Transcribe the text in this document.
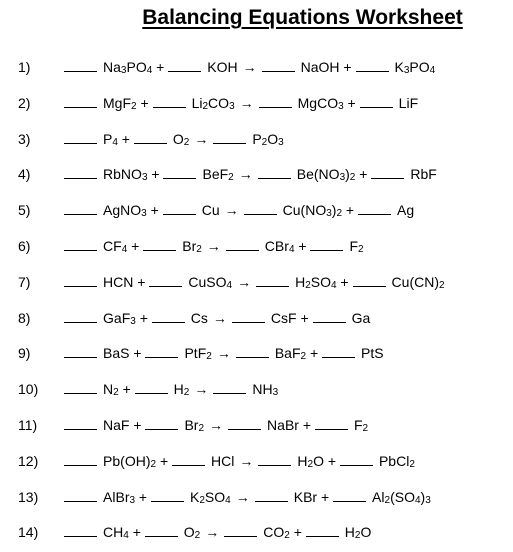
Balancing Equations Worksheet
1)	$Na_3PO_4$ +	KOH →	NaOH +	$K_3PO_4$
2)	MgF$_2$ +	$Li_2CO_3$ →	MgCO$_3$ +	LiF
3)	$P_4$ +	$O_2$ →	$P_2O_3$
4)	RbNO$_3$ +	BeF$_2$ →	$Be(NO_3)_2$ +	RbF
5)	AgNO$_3$ +	Cu →	$Cu(NO_3)_2$ +	Ag
6)	$CF_4$ +	$Br_2$ →	CBr$_4$ +	$F_2$
7)	HCN +	CuSO$_4$ →	$H_2SO_4$ +	$Cu(CN)_2$
8)	GaF$_3$ +	Cs →	CsF +	Ga
9)	BaS +	PtF$_2$ →	BaF$_2$ +	PtS
10)	$N_2$ +	$H_2$ →	$NH_3$
11)	NaF +	$Br_2$ →	NaBr +	$F_2$
12)	$Pb(OH)_2$ +	HCl →	$H_2O$ +	PbCl$_2$
13)	AlBr$_3$ +	$K_2SO_4$ →	KBr +	$Al_2(SO_4)_3$
14)	$CH_4$ +	$O_2$ →	$CO_2$ +	$H_2O$
